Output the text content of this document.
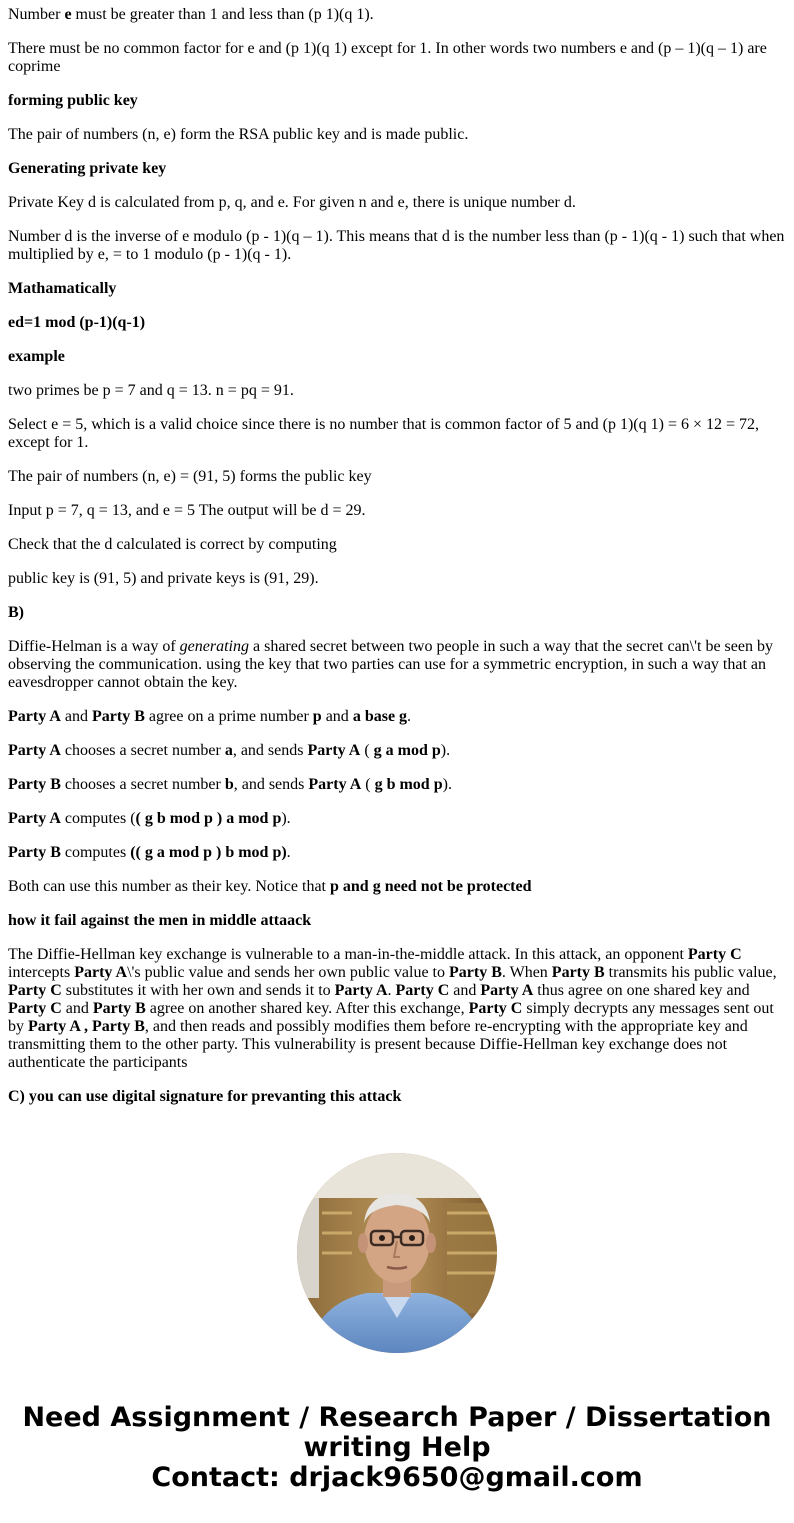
Number e must be greater than 1 and less than (p 1)(q 1).

There must be no common factor for e and (p 1)(q 1) except for 1. In other words two numbers e and (p – 1)(q – 1) are coprime

forming public key

The pair of numbers (n, e) form the RSA public key and is made public.

Generating private key

Private Key d is calculated from p, q, and e. For given n and e, there is unique number d.

Number d is the inverse of e modulo (p - 1)(q – 1). This means that d is the number less than (p - 1)(q - 1) such that when multiplied by e, = to 1 modulo (p - 1)(q - 1).

Mathamatically

ed=1 mod (p-1)(q-1)

example

two primes be p = 7 and q = 13. n = pq = 91.

Select e = 5, which is a valid choice since there is no number that is common factor of 5 and (p 1)(q 1) = 6 × 12 = 72, except for 1.

The pair of numbers (n, e) = (91, 5) forms the public key

Input p = 7, q = 13, and e = 5 The output will be d = 29.

Check that the d calculated is correct by computing

public key is (91, 5) and private keys is (91, 29).

B)

Diffie-Helman is a way of generating a shared secret between two people in such a way that the secret can\'t be seen by observing the communication. using the key that two parties can use for a symmetric encryption, in such a way that an eavesdropper cannot obtain the key.

Party A and Party B agree on a prime number p and a base g.

Party A chooses a secret number a, and sends Party A ( g a mod p).

Party B chooses a secret number b, and sends Party A ( g b mod p).

Party A computes (( g b mod p ) a mod p).

Party B computes (( g a mod p ) b mod p).

Both can use this number as their key. Notice that p and g need not be protected

how it fail against the men in middle attaack

The Diffie-Hellman key exchange is vulnerable to a man-in-the-middle attack. In this attack, an opponent Party C intercepts Party A\'s public value and sends her own public value to Party B. When Party B transmits his public value, Party C substitutes it with her own and sends it to Party A. Party C and Party A thus agree on one shared key and Party C and Party B agree on another shared key. After this exchange, Party C simply decrypts any messages sent out by Party A , Party B, and then reads and possibly modifies them before re-encrypting with the appropriate key and transmitting them to the other party. This vulnerability is present because Diffie-Hellman key exchange does not authenticate the participants

C) you can use digital signature for prevanting this attack

Need Assignment / Research Paper / Dissertation
writing Help
Contact: drjack9650@gmail.com
